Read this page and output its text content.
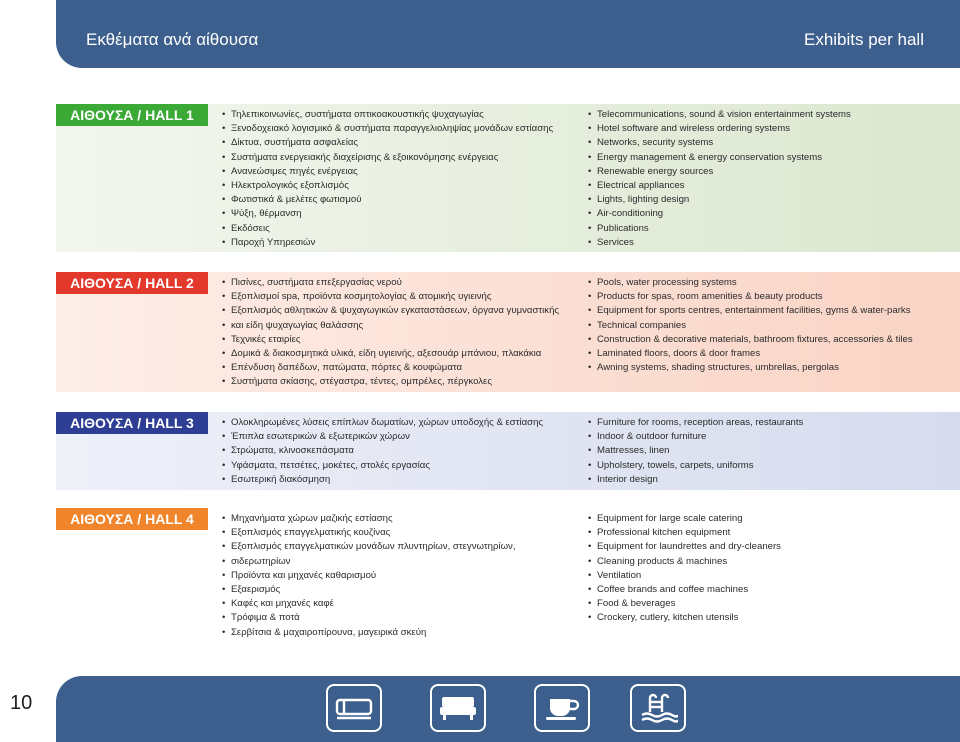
Εκθέματα ανά αίθουσα	Exhibits per hall
ΑΙΘΟΥΣΑ / HALL 1	• Τηλεπικοινωνίες, συστήματα οπτικοακουστικής ψυχαγωγίας
• Ξενοδοχειακό λογισμικό & συστήματα παραγγελιοληψίας μονάδων εστίασης
• Δίκτυα, συστήματα ασφαλείας
• Συστήματα ενεργειακής διαχείρισης & εξοικονόμησης ενέργειας
• Ανανεώσιμες πηγές ενέργειας
• Ηλεκτρολογικός εξοπλισμός
• Φωτιστικά & μελέτες φωτισμού
• Ψύξη, θέρμανση
• Εκδόσεις
• Παροχή Υπηρεσιών
• Telecommunications, sound & vision entertainment systems
• Hotel software and wireless ordering systems
• Networks, security systems
• Energy management & energy conservation systems
• Renewable energy sources
• Electrical appliances
• Lights, lighting design
• Air-conditioning
• Publications
• Services
ΑΙΘΟΥΣΑ / HALL 2	• Πισίνες, συστήματα επεξεργασίας νερού
• Εξοπλισμοί spa, προϊόντα κοσμητολογίας & ατομικής υγιεινής
• Εξοπλισμός αθλητικών & ψυχαγωγικών εγκαταστάσεων, όργανα γυμναστικής
• και είδη ψυχαγωγίας θαλάσσης
• Τεχνικές εταιρίες
• Δομικά & διακοσμητικά υλικά, είδη υγιεινής, αξεσουάρ μπάνιου, πλακάκια
• Επένδυση δαπέδων, πατώματα, πόρτες & κουφώματα
• Συστήματα σκίασης, στέγαστρα, τέντες, ομπρέλες, πέργκολες
• Pools, water processing systems
• Products for spas, room amenities & beauty products
• Equipment for sports centres, entertainment facilities, gyms & water-parks
• Technical companies
• Construction & decorative materials, bathroom fixtures, accessories & tiles
• Laminated floors, doors & door frames
• Awning systems, shading structures, umbrellas, pergolas
ΑΙΘΟΥΣΑ / HALL 3	• Ολοκληρωμένες λύσεις επίπλων δωματίων, χώρων υποδοχής & εστίασης
• Έπιπλα εσωτερικών & εξωτερικών χώρων
• Στρώματα, κλινοσκεπάσματα
• Υφάσματα, πετσέτες, μοκέτες, στολές εργασίας
• Εσωτερική διακόσμηση
• Furniture for rooms, reception areas, restaurants
• Indoor & outdoor furniture
• Mattresses, linen
• Upholstery, towels, carpets, uniforms
• Interior design
ΑΙΘΟΥΣΑ / HALL 4	• Μηχανήματα χώρων μαζικής εστίασης
• Εξοπλισμός επαγγελματικής κουζίνας
• Εξοπλισμός επαγγελματικών μονάδων πλυντηρίων, στεγνωτηρίων,
• σιδερωτηρίων
• Προϊόντα και μηχανές καθαρισμού
• Εξαερισμός
• Καφές και μηχανές καφέ
• Τρόφιμα & ποτά
• Σερβίτσια & μαχαιροπίρουνα, μαγειρικά σκεύη
• Equipment for large scale catering
• Professional kitchen equipment
• Equipment for laundrettes and dry-cleaners
• Cleaning products & machines
• Ventilation
• Coffee brands and coffee machines
• Food & beverages
• Crockery, cutlery, kitchen utensils
10
